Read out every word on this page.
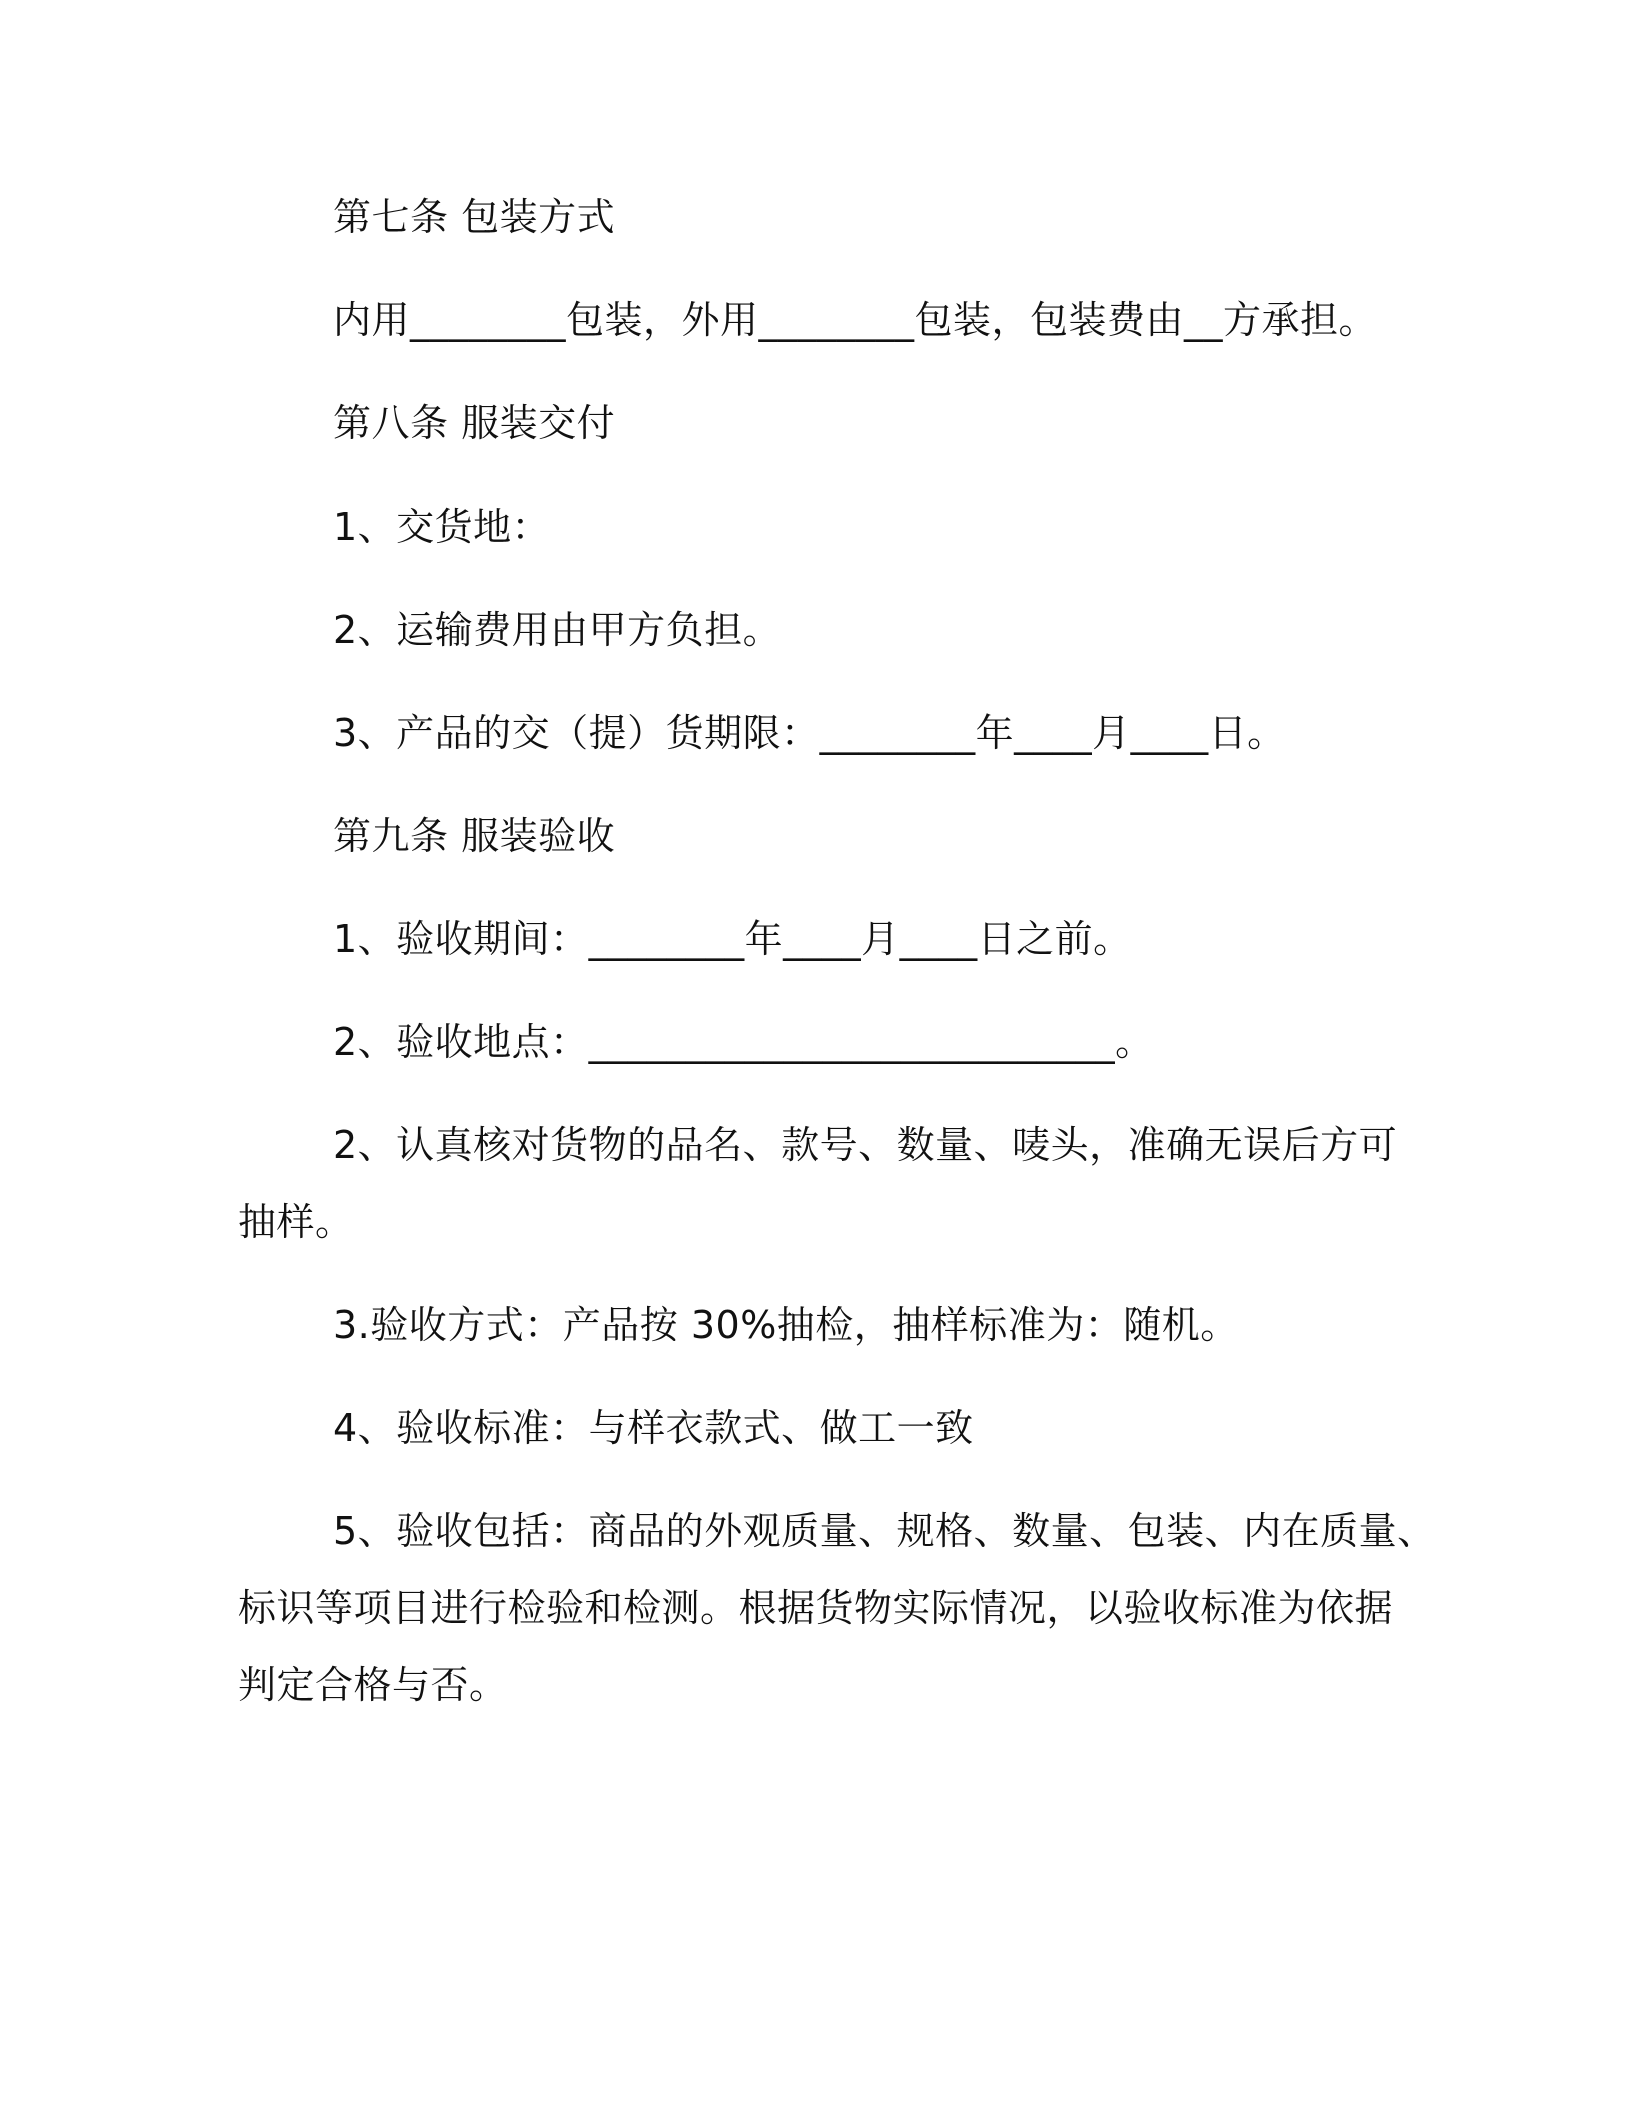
第七条 包装方式
内用________包装，外用________包装，包装费由__方承担。
第八条 服装交付
1、交货地：
2、运输费用由甲方负担。
3、产品的交（提）货期限：________年____月____日。
第九条 服装验收
1、验收期间：________年____月____日之前。
2、验收地点：___________________________。
2、认真核对货物的品名、款号、数量、唛头，准确无误后方可
抽样。
3.验收方式：产品按 30%抽检，抽样标准为：随机。
4、验收标准：与样衣款式、做工一致
5、验收包括：商品的外观质量、规格、数量、包装、内在质量、
标识等项目进行检验和检测。根据货物实际情况，以验收标准为依据
判定合格与否。
